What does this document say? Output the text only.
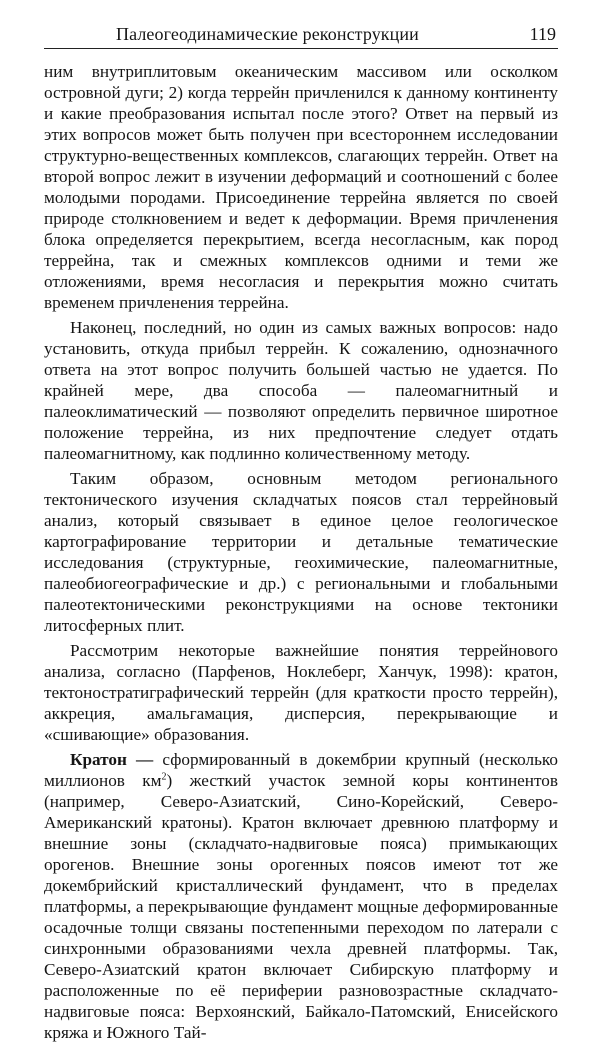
Палеогеодинамические реконструкции	119

ним внутриплитовым океаническим массивом или осколком островной дуги; 2) когда террейн причленился к данному континенту и какие преобразования испытал после этого? Ответ на первый из этих вопросов может быть получен при всестороннем исследовании структурно-вещественных комплексов, слагающих террейн. Ответ на второй вопрос лежит в изучении деформаций и соотношений с более молодыми породами. Присоединение террейна является по своей природе столкновением и ведет к деформации. Время причленения блока определяется перекрытием, всегда несогласным, как пород террейна, так и смежных комплексов одними и теми же отложениями, время несогласия и перекрытия можно считать временем причленения террейна.

Наконец, последний, но один из самых важных вопросов: надо установить, откуда прибыл террейн. К сожалению, однозначного ответа на этот вопрос получить большей частью не удается. По крайней мере, два способа — палеомагнитный и палеоклиматический — позволяют определить первичное широтное положение террейна, из них предпочтение следует отдать палеомагнитному, как подлинно количественному методу.

Таким образом, основным методом регионального тектонического изучения складчатых поясов стал террейновый анализ, который связывает в единое целое геологическое картографирование территории и детальные тематические исследования (структурные, геохимические, палеомагнитные, палеобиогеографические и др.) с региональными и глобальными палеотектоническими реконструкциями на основе тектоники литосферных плит.

Рассмотрим некоторые важнейшие понятия террейнового анализа, согласно (Парфенов, Ноклеберг, Ханчук, 1998): кратон, тектоностратиграфический террейн (для краткости просто террейн), аккреция, амальгамация, дисперсия, перекрывающие и «сшивающие» образования.

Кратон — сформированный в докембрии крупный (несколько миллионов $км^2$) жесткий участок земной коры континентов (например, Северо-Азиатский, Сино-Корейский, Северо-Американский кратоны). Кратон включает древнюю платформу и внешние зоны (складчато-надвиговые пояса) примыкающих орогенов. Внешние зоны орогенных поясов имеют тот же докембрийский кристаллический фундамент, что в пределах платформы, а перекрывающие фундамент мощные деформированные осадочные толщи связаны постепенными переходом по латерали с синхронными образованиями чехла древней платформы. Так, Северо-Азиатский кратон включает Сибирскую платформу и расположенные по её периферии разновозрастные складчато-надвиговые пояса: Верхоянский, Байкало-Патомский, Енисейского кряжа и Южного Тай-
